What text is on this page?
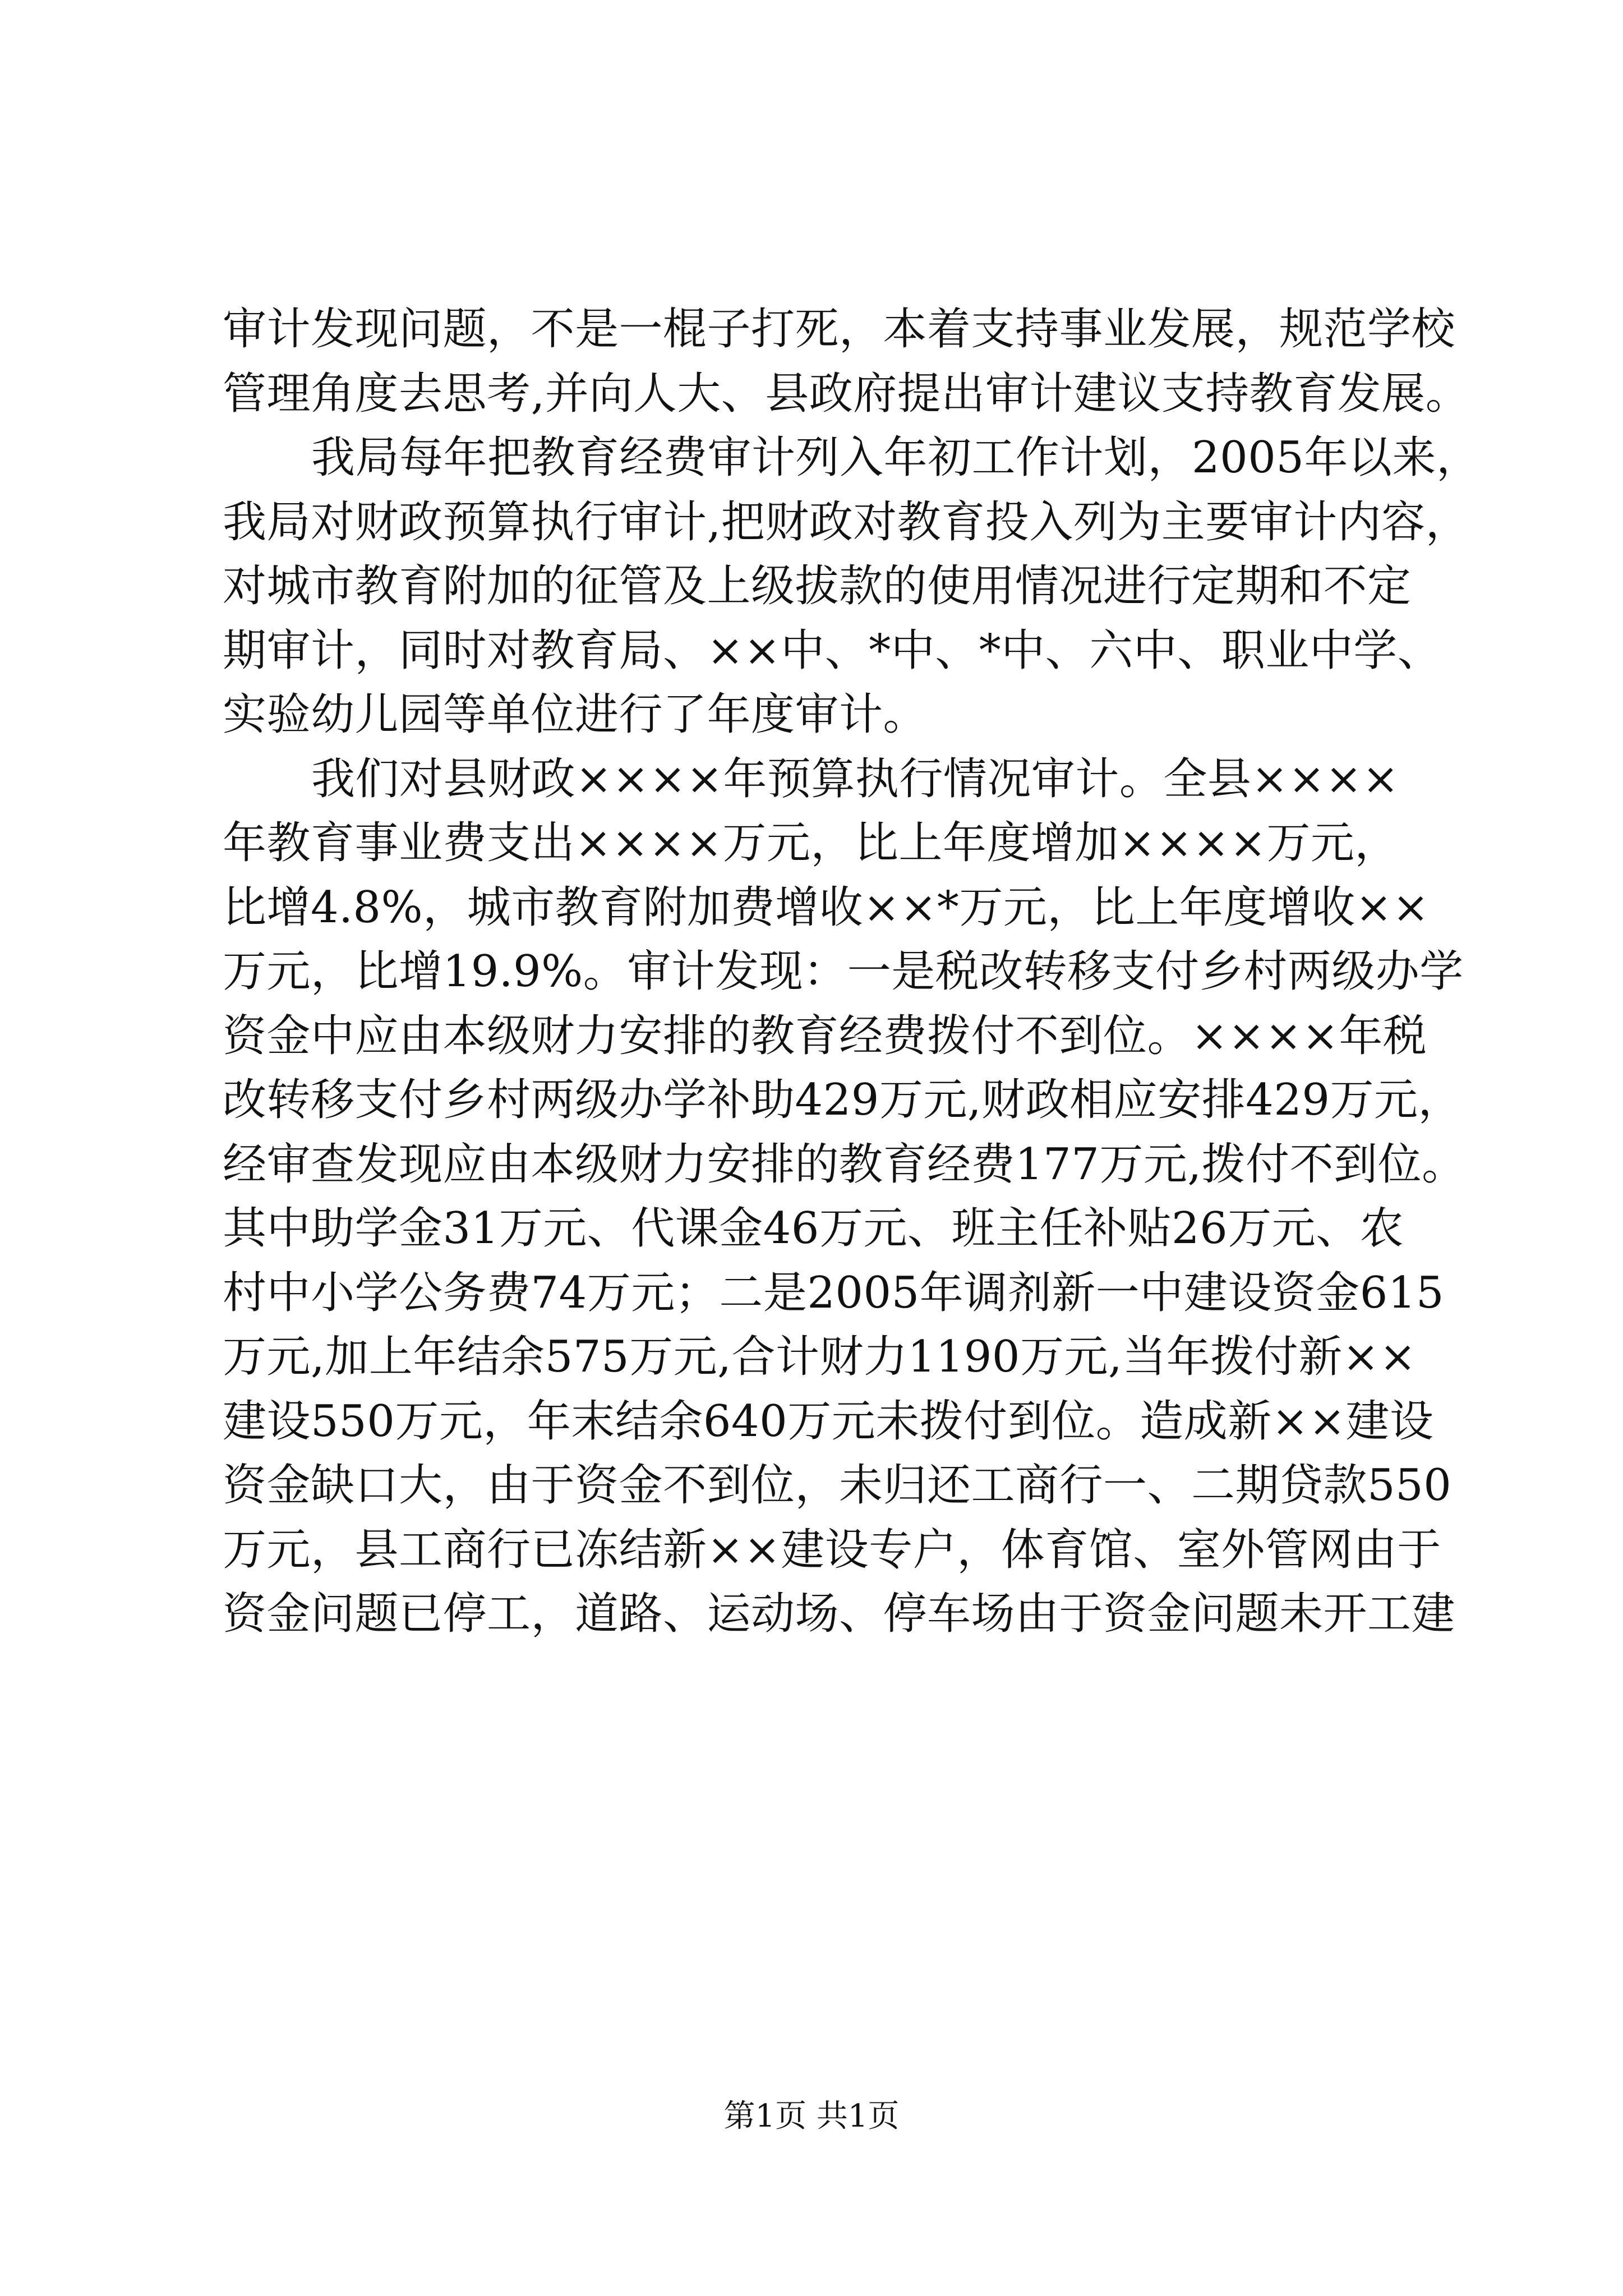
审计发现问题，不是一棍子打死，本着支持事业发展，规范学校
管理角度去思考,并向人大、县政府提出审计建议支持教育发展。
我局每年把教育经费审计列入年初工作计划，2005年以来，
我局对财政预算执行审计,把财政对教育投入列为主要审计内容，
对城市教育附加的征管及上级拔款的使用情况进行定期和不定
期审计，同时对教育局、××中、*中、*中、六中、职业中学、
实验幼儿园等单位进行了年度审计。
我们对县财政××××年预算执行情况审计。全县××××
年教育事业费支出××××万元，比上年度增加××××万元，
比增4.8%，城市教育附加费增收××*万元，比上年度增收××
万元，比增19.9%。审计发现：一是税改转移支付乡村两级办学
资金中应由本级财力安排的教育经费拨付不到位。××××年税
改转移支付乡村两级办学补助429万元,财政相应安排429万元，
经审查发现应由本级财力安排的教育经费177万元,拨付不到位。
其中助学金31万元、代课金46万元、班主任补贴26万元、农
村中小学公务费74万元；二是2005年调剂新一中建设资金615
万元,加上年结余575万元,合计财力1190万元,当年拨付新××
建设550万元，年末结余640万元未拨付到位。造成新××建设
资金缺口大，由于资金不到位，未归还工商行一、二期贷款550
万元，县工商行已冻结新××建设专户，体育馆、室外管网由于
资金问题已停工，道路、运动场、停车场由于资金问题未开工建
第1页 共1页
